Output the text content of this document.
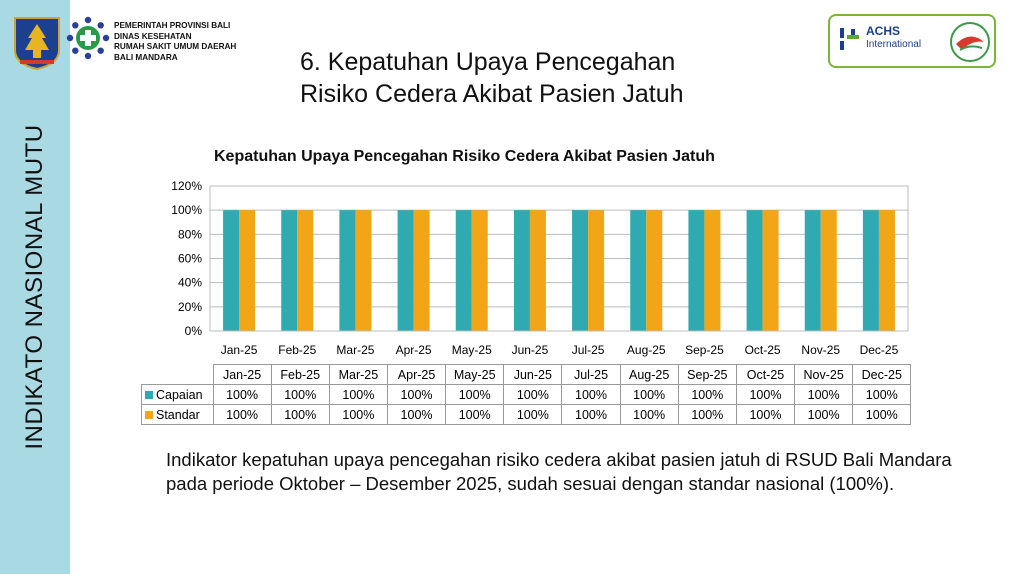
INDIKATO NASIONAL MUTU
PEMERINTAH PROVINSI BALI
DINAS KESEHATAN
RUMAH SAKIT UMUM DAERAH
BALI MANDARA	6. Kepatuhan Upaya Pencegahan
Risiko Cedera Akibat Pasien Jatuh
ACHS
International
Kepatuhan Upaya Pencegahan Risiko Cedera Akibat Pasien Jatuh
0%
20%
40%
60%
80%
100%
120%
Jan-25 Feb-25 Mar-25 Apr-25 May-25 Jun-25 Jul-25 Aug-25 Sep-25 Oct-25 Nov-25 Dec-25
	Jan-25	Feb-25	Mar-25	Apr-25	May-25	Jun-25	Jul-25	Aug-25	Sep-25	Oct-25	Nov-25	Dec-25
Capaian	100%	100%	100%	100%	100%	100%	100%	100%	100%	100%	100%	100%
Standar	100%	100%	100%	100%	100%	100%	100%	100%	100%	100%	100%	100%
Indikator kepatuhan upaya pencegahan risiko cedera akibat pasien jatuh di RSUD Bali Mandara pada periode Oktober – Desember 2025, sudah sesuai dengan standar nasional (100%).
